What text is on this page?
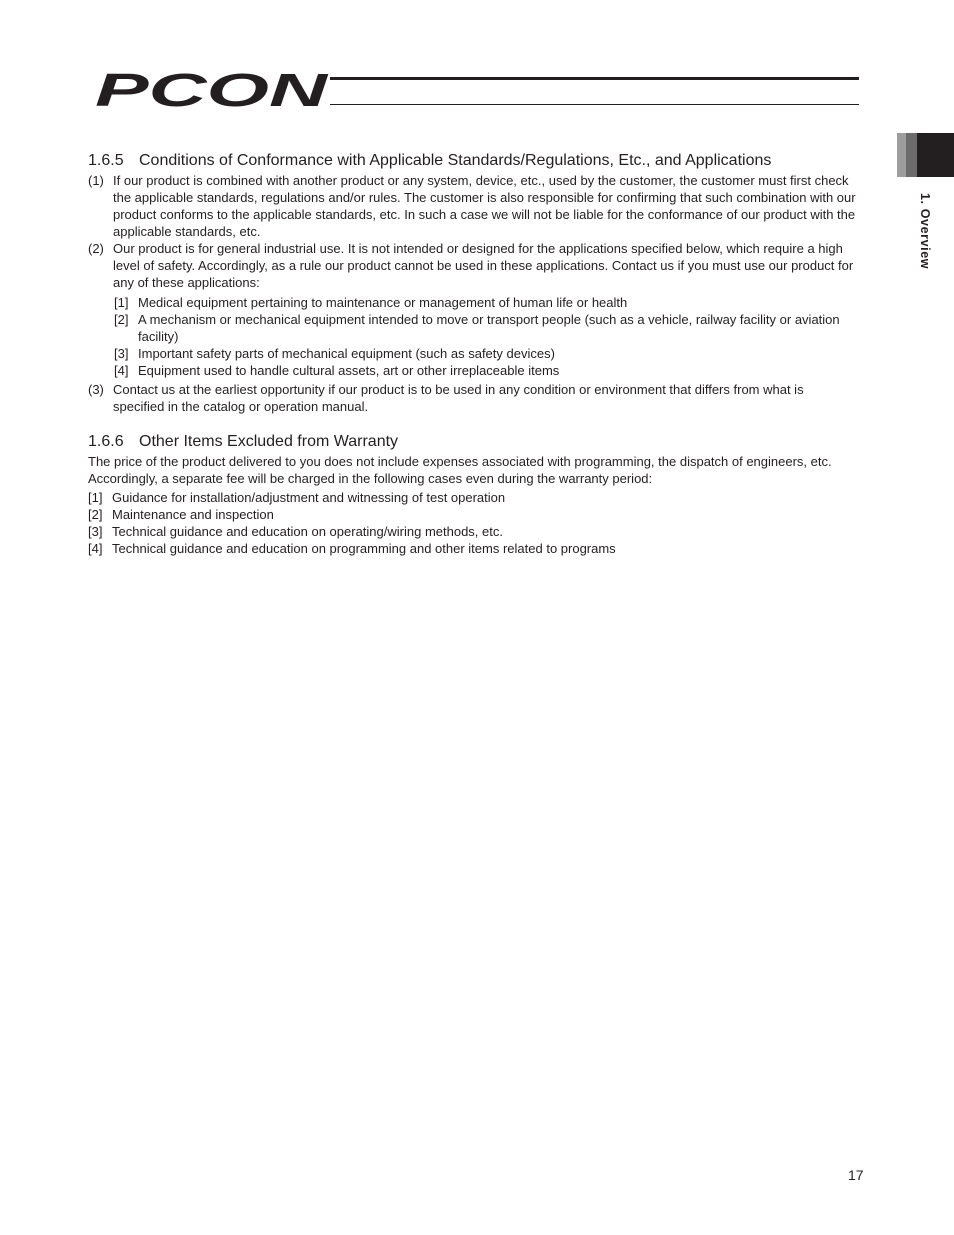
PCON
1. Overview
1.6.5 Conditions of Conformance with Applicable Standards/Regulations, Etc., and Applications
(1) If our product is combined with another product or any system, device, etc., used by the customer, the customer must first check the applicable standards, regulations and/or rules. The customer is also responsible for confirming that such combination with our product conforms to the applicable standards, etc. In such a case we will not be liable for the conformance of our product with the applicable standards, etc.
(2) Our product is for general industrial use. It is not intended or designed for the applications specified below, which require a high level of safety. Accordingly, as a rule our product cannot be used in these applications. Contact us if you must use our product for any of these applications:
[1] Medical equipment pertaining to maintenance or management of human life or health
[2] A mechanism or mechanical equipment intended to move or transport people (such as a vehicle, railway facility or aviation facility)
[3] Important safety parts of mechanical equipment (such as safety devices)
[4] Equipment used to handle cultural assets, art or other irreplaceable items
(3) Contact us at the earliest opportunity if our product is to be used in any condition or environment that differs from what is specified in the catalog or operation manual.
1.6.6 Other Items Excluded from Warranty

The price of the product delivered to you does not include expenses associated with programming, the dispatch of engineers, etc. Accordingly, a separate fee will be charged in the following cases even during the warranty period:

[1] Guidance for installation/adjustment and witnessing of test operation
[2] Maintenance and inspection
[3] Technical guidance and education on operating/wiring methods, etc.
[4] Technical guidance and education on programming and other items related to programs
17
